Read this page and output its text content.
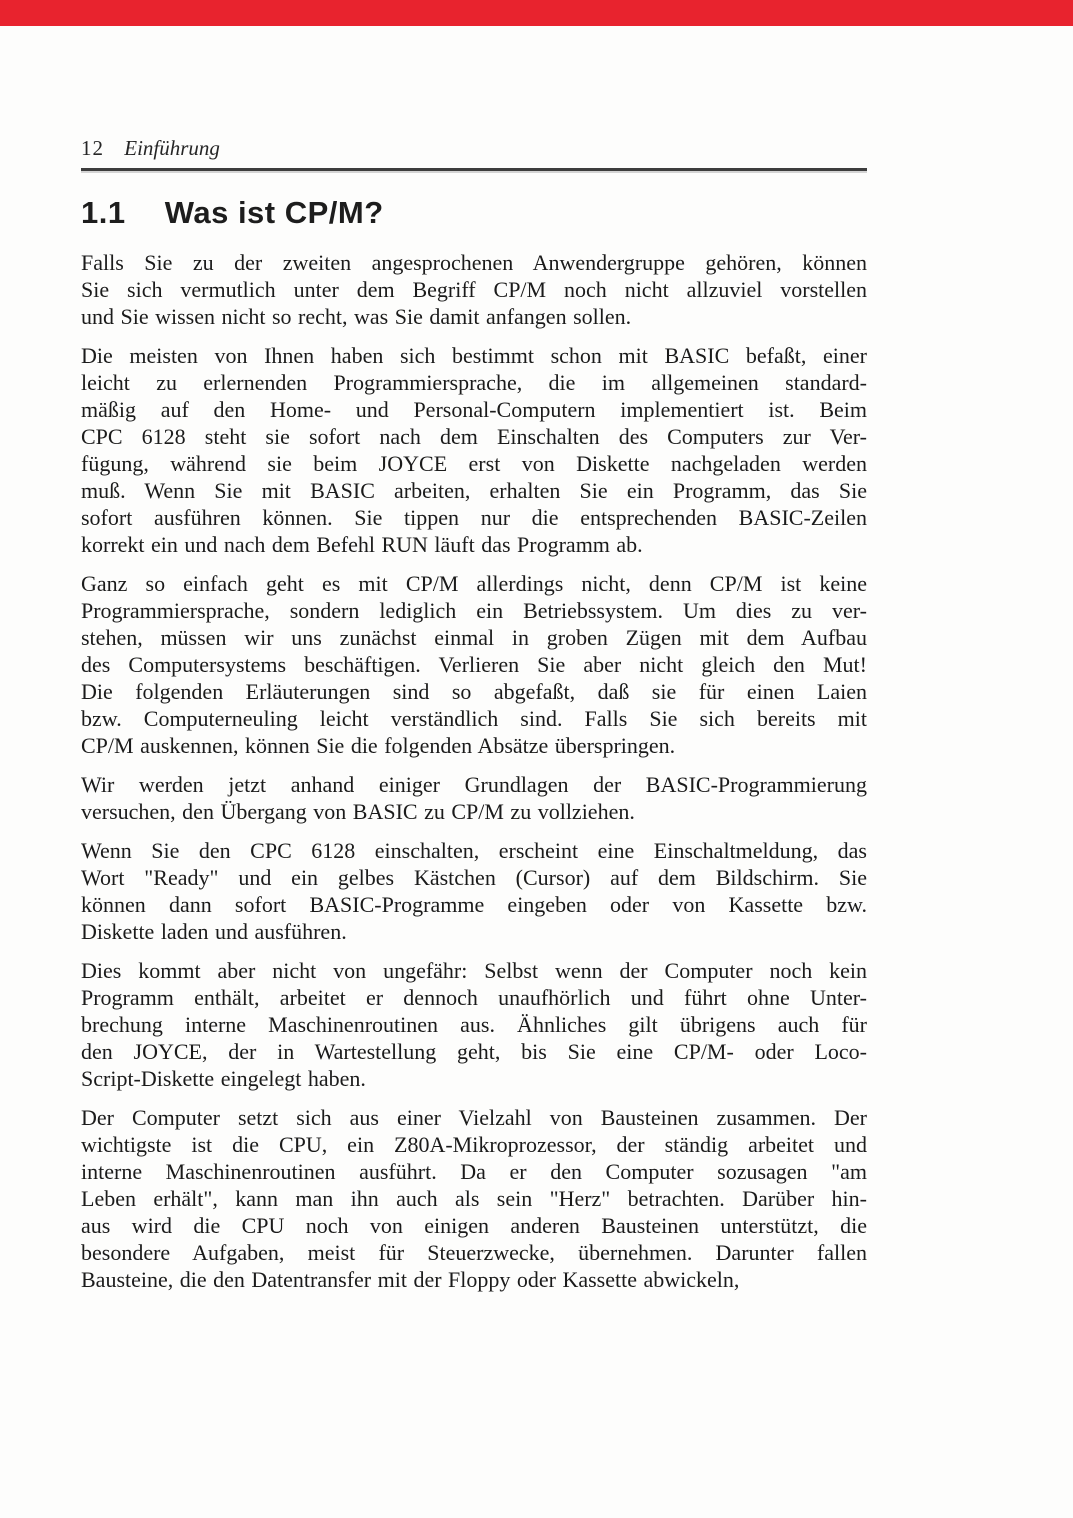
12 Einführung
1.1 Was ist CP/M?
Falls Sie zu der zweiten angesprochenen Anwendergruppe gehören, können
Sie sich vermutlich unter dem Begriff CP/M noch nicht allzuviel vorstellen
und Sie wissen nicht so recht, was Sie damit anfangen sollen.
Die meisten von Ihnen haben sich bestimmt schon mit BASIC befaßt, einer
leicht zu erlernenden Programmiersprache, die im allgemeinen standard-
mäßig auf den Home- und Personal-Computern implementiert ist. Beim
CPC 6128 steht sie sofort nach dem Einschalten des Computers zur Ver-
fügung, während sie beim JOYCE erst von Diskette nachgeladen werden
muß. Wenn Sie mit BASIC arbeiten, erhalten Sie ein Programm, das Sie
sofort ausführen können. Sie tippen nur die entsprechenden BASIC-Zeilen
korrekt ein und nach dem Befehl RUN läuft das Programm ab.
Ganz so einfach geht es mit CP/M allerdings nicht, denn CP/M ist keine
Programmiersprache, sondern lediglich ein Betriebssystem. Um dies zu ver-
stehen, müssen wir uns zunächst einmal in groben Zügen mit dem Aufbau
des Computersystems beschäftigen. Verlieren Sie aber nicht gleich den Mut!
Die folgenden Erläuterungen sind so abgefaßt, daß sie für einen Laien
bzw. Computerneuling leicht verständlich sind. Falls Sie sich bereits mit
CP/M auskennen, können Sie die folgenden Absätze überspringen.
Wir werden jetzt anhand einiger Grundlagen der BASIC-Programmierung
versuchen, den Übergang von BASIC zu CP/M zu vollziehen.
Wenn Sie den CPC 6128 einschalten, erscheint eine Einschaltmeldung, das
Wort "Ready" und ein gelbes Kästchen (Cursor) auf dem Bildschirm. Sie
können dann sofort BASIC-Programme eingeben oder von Kassette bzw.
Diskette laden und ausführen.
Dies kommt aber nicht von ungefähr: Selbst wenn der Computer noch kein
Programm enthält, arbeitet er dennoch unaufhörlich und führt ohne Unter-
brechung interne Maschinenroutinen aus. Ähnliches gilt übrigens auch für
den JOYCE, der in Wartestellung geht, bis Sie eine CP/M- oder Loco-
Script-Diskette eingelegt haben.
Der Computer setzt sich aus einer Vielzahl von Bausteinen zusammen. Der
wichtigste ist die CPU, ein Z80A-Mikroprozessor, der ständig arbeitet und
interne Maschinenroutinen ausführt. Da er den Computer sozusagen "am
Leben erhält", kann man ihn auch als sein "Herz" betrachten. Darüber hin-
aus wird die CPU noch von einigen anderen Bausteinen unterstützt, die
besondere Aufgaben, meist für Steuerzwecke, übernehmen. Darunter fallen
Bausteine, die den Datentransfer mit der Floppy oder Kassette abwickeln,
